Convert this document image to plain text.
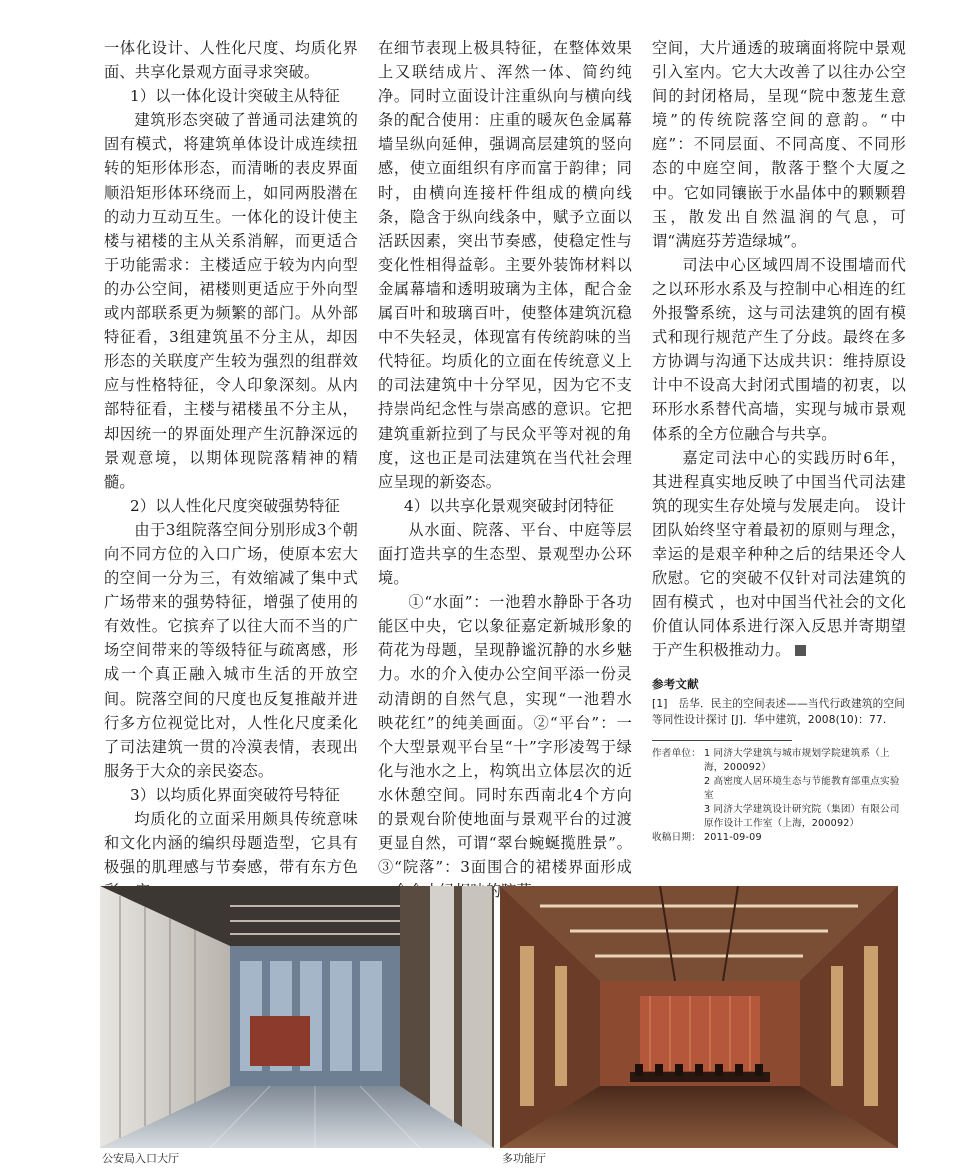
一体化设计、人性化尺度、均质化界面、共享化景观方面寻求突破。

1）以一体化设计突破主从特征

建筑形态突破了普通司法建筑的固有模式，将建筑单体设计成连续扭转的矩形体形态，而清晰的表皮界面顺沿矩形体环绕而上，如同两股潜在的动力互动互生。一体化的设计使主楼与裙楼的主从关系消解，而更适合于功能需求：主楼适应于较为内向型的办公空间，裙楼则更适应于外向型或内部联系更为频繁的部门。从外部特征看，3组建筑虽不分主从，却因形态的关联度产生较为强烈的组群效应与性格特征，令人印象深刻。从内部特征看，主楼与裙楼虽不分主从，却因统一的界面处理产生沉静深远的景观意境，以期体现院落精神的精髓。

2）以人性化尺度突破强势特征

由于3组院落空间分别形成3个朝向不同方位的入口广场，使原本宏大的空间一分为三，有效缩减了集中式广场带来的强势特征，增强了使用的有效性。它摈弃了以往大而不当的广场空间带来的等级特征与疏离感，形成一个真正融入城市生活的开放空间。院落空间的尺度也反复推敲并进行多方位视觉比对，人性化尺度柔化了司法建筑一贯的冷漠表情，表现出服务于大众的亲民姿态。

3）以均质化界面突破符号特征

均质化的立面采用颇具传统意味和文化内涵的编织母题造型，它具有极强的肌理感与节奏感，带有东方色

在细节表现上极具特征，在整体效果上又联结成片、浑然一体、简约纯净。同时立面设计注重纵向与横向线条的配合使用：庄重的暖灰色金属幕墙呈纵向延伸，强调高层建筑的竖向感，使立面组织有序而富于韵律；同时，由横向连接杆件组成的横向线条，隐含于纵向线条中，赋予立面以活跃因素，突出节奏感，使稳定性与变化性相得益彰。主要外装饰材料以金属幕墙和透明玻璃为主体，配合金属百叶和玻璃百叶，使整体建筑沉稳中不失轻灵，体现富有传统韵味的当代特征。均质化的立面在传统意义上的司法建筑中十分罕见，因为它不支持崇尚纪念性与崇高感的意识。它把建筑重新拉到了与民众平等对视的角度，这也正是司法建筑在当代社会理应呈现的新姿态。

4）以共享化景观突破封闭特征

从水面、院落、平台、中庭等层面打造共享的生态型、景观型办公环境。

①“水面”：一池碧水静卧于各功能区中央，它以象征嘉定新城形象的荷花为母题，呈现静谧沉静的水乡魅力。水的介入使办公空间平添一份灵动清朗的自然气息，实现“一池碧水映花红”的纯美画面。②“平台”：一个大型景观平台呈“十”字形凌驾于绿化与池水之上，构筑出立体层次的近水休憩空间。同时东西南北4个方向的景观台阶使地面与景观平台的过渡更显自然，可谓“翠台蜿蜒揽胜景”。③“院落”：3面围合的裙楼界面形成

空间，大片通透的玻璃面将院中景观引入室内。它大大改善了以往办公空间的封闭格局，呈现“院中葱茏生意境”的传统院落空间的意韵。“中庭”：不同层面、不同高度、不同形态的中庭空间，散落于整个大厦之中。它如同镶嵌于水晶体中的颗颗碧玉，散发出自然温润的气息，可谓“满庭芬芳造绿城”。

司法中心区域四周不设围墙而代之以环形水系及与控制中心相连的红外报警系统，这与司法建筑的固有模式和现行规范产生了分歧。最终在多方协调与沟通下达成共识：维持原设计中不设高大封闭式围墙的初衷，以环形水系替代高墙，实现与城市景观体系的全方位融合与共享。

嘉定司法中心的实践历时6年，其进程真实地反映了中国当代司法建筑的现实生存处境与发展走向。 设计团队始终坚守着最初的原则与理念，幸运的是艰辛种种之后的结果还令人欣慰。它的突破不仅针对司法建筑的固有模式 ，也对中国当代社会的文化价值认同体系进行深入反思并寄期望于产生积极推动力。

参考文献

[1]　岳华．民主的空间表述——当代行政建筑的空间等同性设计探讨 [J]．华中建筑，2008(10)：77.

作者单位： 1 同济大学建筑与城市规划学院建筑系（上海，200092）
2 高密度人居环境生态与节能教育部重点实验室
3 同济大学建筑设计研究院（集团）有限公司原作设计工作室（上海，200092）
收稿日期： 2011-09-09
公安局入口大厅	多功能厅
